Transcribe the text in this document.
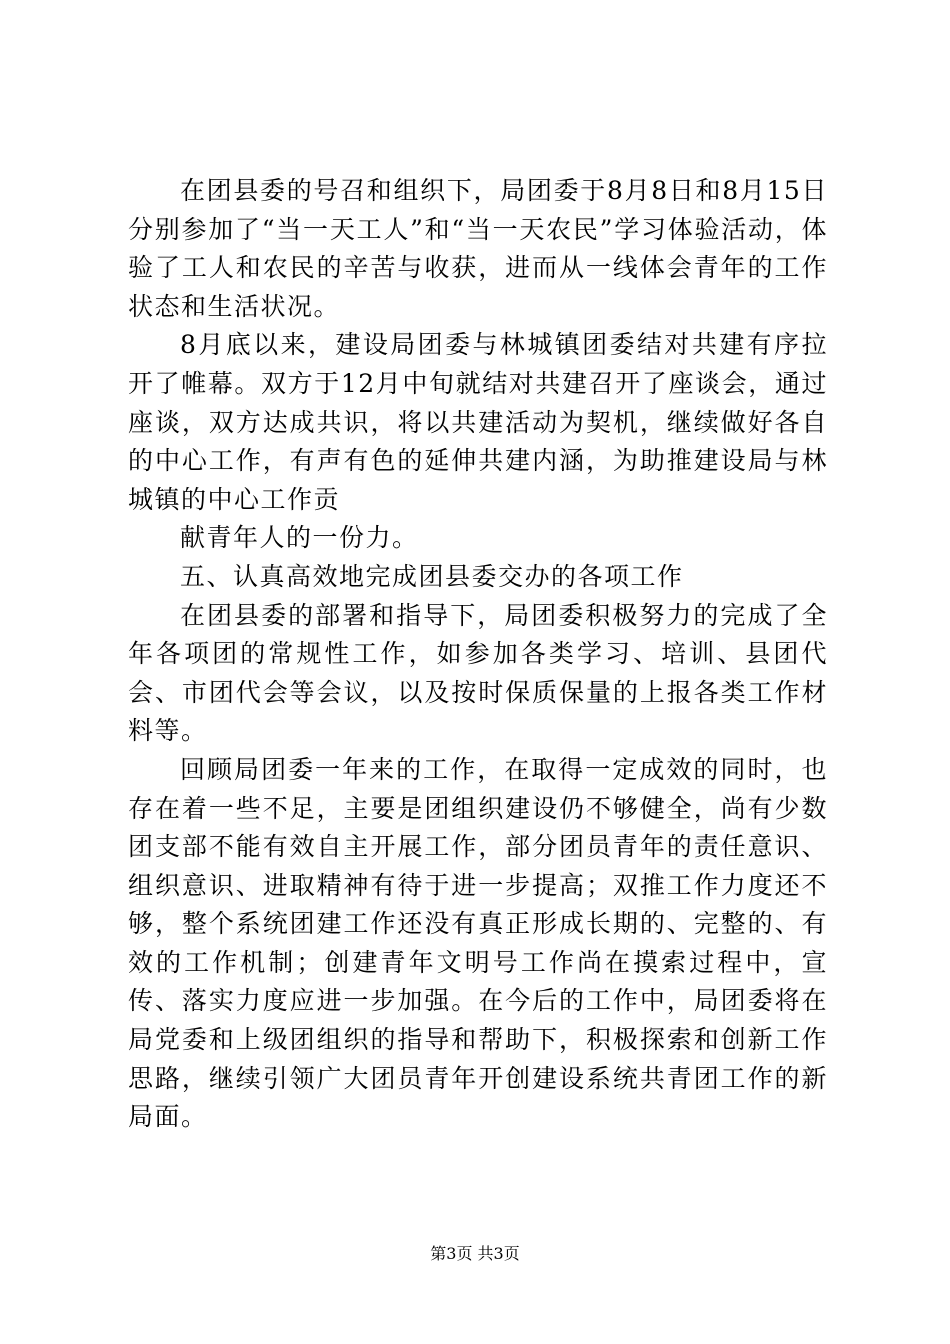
在团县委的号召和组织下，局团委于8月8日和8月15日分别参加了“当一天工人”和“当一天农民”学习体验活动，体验了工人和农民的辛苦与收获，进而从一线体会青年的工作状态和生活状况。

8月底以来，建设局团委与林城镇团委结对共建有序拉开了帷幕。双方于12月中旬就结对共建召开了座谈会，通过座谈，双方达成共识，将以共建活动为契机，继续做好各自的中心工作，有声有色的延伸共建内涵，为助推建设局与林城镇的中心工作贡

献青年人的一份力。

五、认真高效地完成团县委交办的各项工作

在团县委的部署和指导下，局团委积极努力的完成了全年各项团的常规性工作，如参加各类学习、培训、县团代会、市团代会等会议，以及按时保质保量的上报各类工作材料等。

回顾局团委一年来的工作，在取得一定成效的同时，也存在着一些不足，主要是团组织建设仍不够健全，尚有少数团支部不能有效自主开展工作，部分团员青年的责任意识、组织意识、进取精神有待于进一步提高；双推工作力度还不够，整个系统团建工作还没有真正形成长期的、完整的、有效的工作机制；创建青年文明号工作尚在摸索过程中，宣传、落实力度应进一步加强。在今后的工作中，局团委将在局党委和上级团组织的指导和帮助下，积极探索和创新工作思路，继续引领广大团员青年开创建设系统共青团工作的新局面。

第3页 共3页
